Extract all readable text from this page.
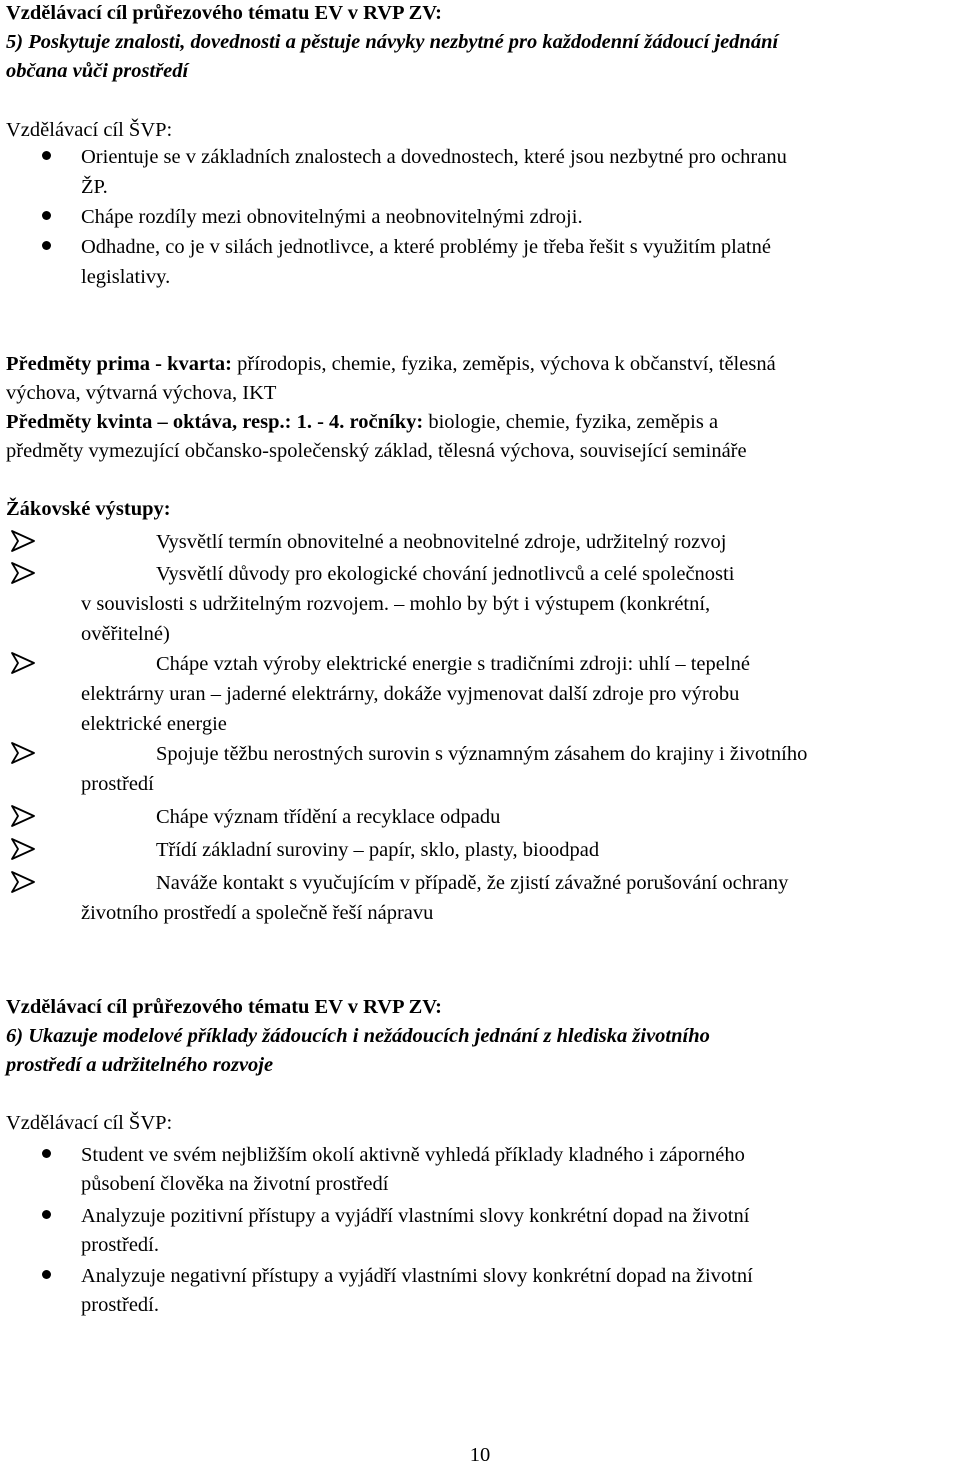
Vzdělávací cíl průřezového tématu EV v RVP ZV:
5) Poskytuje znalosti, dovednosti a pěstuje návyky nezbytné pro každodenní žádoucí jednání
občana vůči prostředí
Vzdělávací cíl ŠVP:
Orientuje se v základních znalostech a dovednostech, které jsou nezbytné pro ochranu
ŽP.
Chápe rozdíly mezi obnovitelnými a neobnovitelnými zdroji.
Odhadne, co je v silách jednotlivce, a které problémy je třeba řešit s využitím platné
legislativy.
Předměty prima - kvarta: přírodopis, chemie, fyzika, zeměpis, výchova k občanství, tělesná
výchova, výtvarná výchova, IKT
Předměty kvinta – oktáva, resp.: 1. - 4. ročníky: biologie, chemie, fyzika, zeměpis a
předměty vymezující občansko-společenský základ, tělesná výchova, související semináře
Žákovské výstupy:
Vysvětlí termín obnovitelné a neobnovitelné zdroje, udržitelný rozvoj
Vysvětlí důvody pro ekologické chování jednotlivců a celé společnosti
v souvislosti s udržitelným rozvojem. – mohlo by být i výstupem (konkrétní,
ověřitelné)
Chápe vztah výroby elektrické energie s tradičními zdroji: uhlí – tepelné
elektrárny uran – jaderné elektrárny, dokáže vyjmenovat další zdroje pro výrobu
elektrické energie
Spojuje těžbu nerostných surovin s významným zásahem do krajiny i životního
prostředí
Chápe význam třídění a recyklace odpadu
Třídí základní suroviny – papír, sklo, plasty, bioodpad
Naváže kontakt s vyučujícím v případě, že zjistí závažné porušování ochrany
životního prostředí a společně řeší nápravu
Vzdělávací cíl průřezového tématu EV v RVP ZV:
6) Ukazuje modelové příklady žádoucích i nežádoucích jednání z hlediska životního
prostředí a udržitelného rozvoje
Vzdělávací cíl ŠVP:
Student ve svém nejbližším okolí aktivně vyhledá příklady kladného i záporného
působení člověka na životní prostředí
Analyzuje pozitivní přístupy a vyjádří vlastními slovy konkrétní dopad na životní
prostředí.
Analyzuje negativní přístupy a vyjádří vlastními slovy konkrétní dopad na životní
prostředí.
10
